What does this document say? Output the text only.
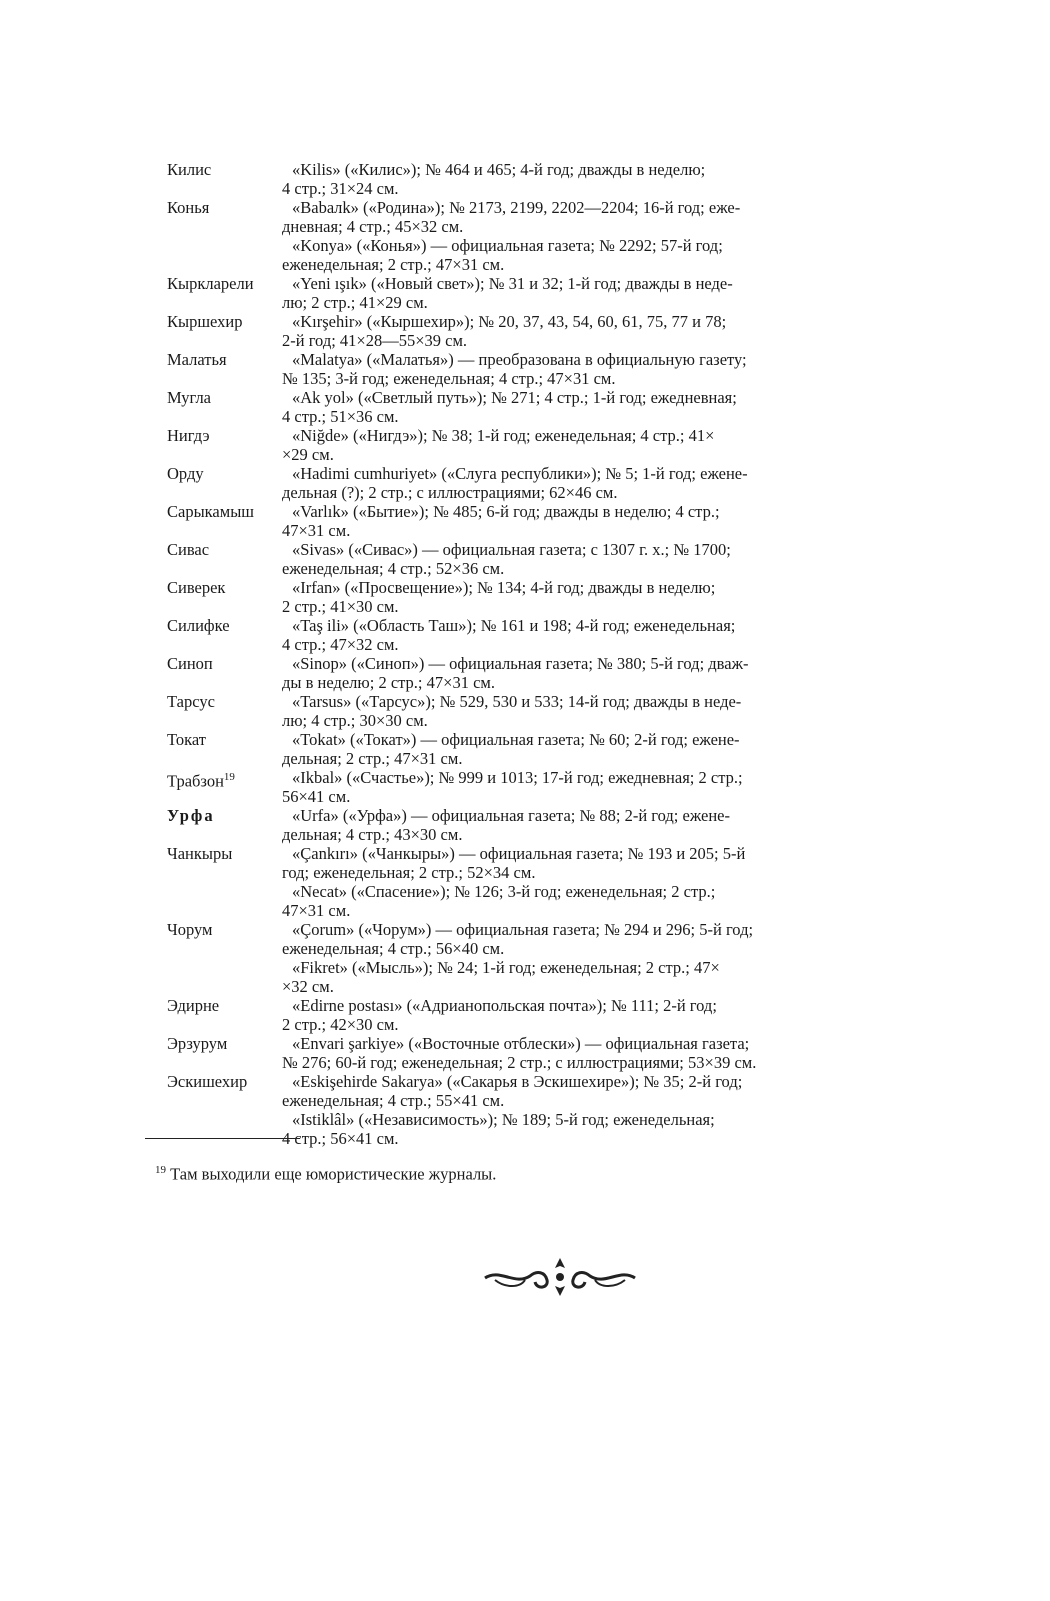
Килис	«Kilis» («Килис»); № 464 и 465; 4-й год; дважды в неделю;
4 стр.; 31×24 см.
Конья	«Babaлk» («Родина»); № 2173, 2199, 2202—2204; 16-й год; еже-
дневная; 4 стр.; 45×32 см.
«Konya» («Конья») — официальная газета; № 2292; 57-й год;
еженедельная; 2 стр.; 47×31 см.
Кыркларели	«Yeni ışık» («Новый свет»); № 31 и 32; 1-й год; дважды в неде-
лю; 2 стр.; 41×29 см.
Кыршехир	«Kırşehir» («Кыршехир»); № 20, 37, 43, 54, 60, 61, 75, 77 и 78;
2-й год; 41×28—55×39 см.
Малатья	«Malatya» («Малатья») — преобразована в официальную газету;
№ 135; 3-й год; еженедельная; 4 стр.; 47×31 см.
Мугла	«Ak yol» («Светлый путь»); № 271; 4 стр.; 1-й год; ежедневная;
4 стр.; 51×36 см.
Нигдэ	«Niğde» («Нигдэ»); № 38; 1-й год; еженедельная; 4 стр.; 41×
×29 см.
Орду	«Hadimi cumhuriyet» («Слуга республики»); № 5; 1-й год; еженe-
дельная (?); 2 стр.; с иллюстрациями; 62×46 см.
Сарыкамыш	«Varlık» («Бытие»); № 485; 6-й год; дважды в неделю; 4 стр.;
47×31 см.
Сивас	«Sivas» («Сивас») — официальная газета; с 1307 г. х.; № 1700;
еженедельная; 4 стр.; 52×36 см.
Сиверек	«Irfan» («Просвещение»); № 134; 4-й год; дважды в неделю;
2 стр.; 41×30 см.
Силифке	«Taş ili» («Область Таш»); № 161 и 198; 4-й год; еженедельная;
4 стр.; 47×32 см.
Синоп	«Sinop» («Синоп») — официальная газета; № 380; 5-й год; дваж-
ды в неделю; 2 стр.; 47×31 см.
Тарсус	«Tarsus» («Тарсус»); № 529, 530 и 533; 14-й год; дважды в неде-
лю; 4 стр.; 30×30 см.
Токат	«Tokat» («Токат») — официальная газета; № 60; 2-й год; еженe-
дельная; 2 стр.; 47×31 см.
Трабзон$^{19}$	«Ikbal» («Счастье»); № 999 и 1013; 17-й год; ежедневная; 2 стр.;
56×41 см.
Урфа	«Urfa» («Урфа») — официальная газета; № 88; 2-й год; еженe-
дельная; 4 стр.; 43×30 см.
Чанкыры	«Çankırı» («Чанкыры») — официальная газета; № 193 и 205; 5-й
год; еженедельная; 2 стр.; 52×34 см.
«Necat» («Спасение»); № 126; 3-й год; еженедельная; 2 стр.;
47×31 см.
Чорум	«Çorum» («Чорум») — официальная газета; № 294 и 296; 5-й год;
еженедельная; 4 стр.; 56×40 см.
«Fikret» («Мысль»); № 24; 1-й год; еженедельная; 2 стр.; 47×
×32 см.
Эдирне	«Edirne postası» («Адрианопольская почта»); № 111; 2-й год;
2 стр.; 42×30 см.
Эрзурум	«Envari şarkiye» («Восточные отблески») — официальная газета;
№ 276; 60-й год; еженедельная; 2 стр.; с иллюстрациями; 53×39 см.
Эскишехир	«Eskişehirde Sakarya» («Сакарья в Эскишехире»); № 35; 2-й год;
еженедельная; 4 стр.; 55×41 см.
«Istiklâl» («Независимость»); № 189; 5-й год; еженедельная;
4 стр.; 56×41 см.
$^{19}$ Там выходили еще юмористические журналы.
